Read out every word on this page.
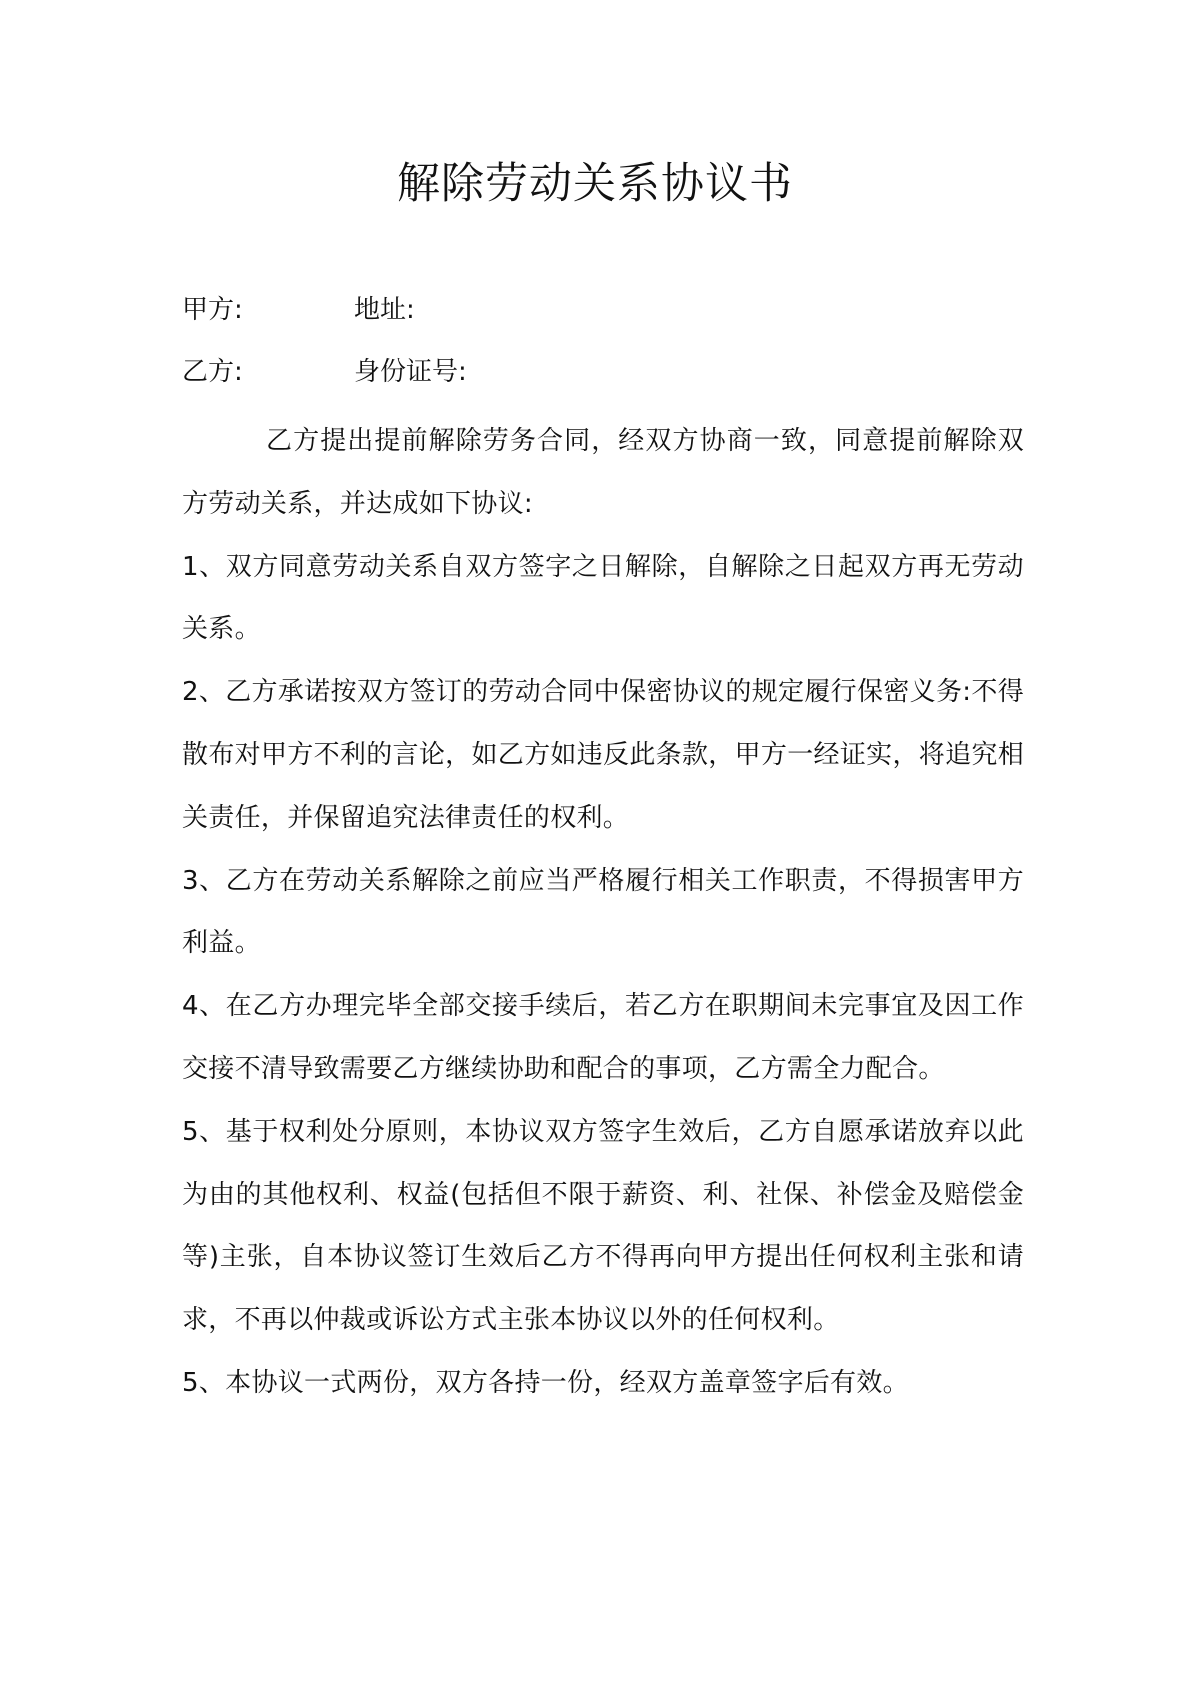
解除劳动关系协议书
甲方:	地址:
乙方:	身份证号:

乙方提出提前解除劳务合同，经双方协商一致，同意提前解除双方劳动关系，并达成如下协议:

1、双方同意劳动关系自双方签字之日解除，自解除之日起双方再无劳动关系。

2、乙方承诺按双方签订的劳动合同中保密协议的规定履行保密义务:不得散布对甲方不利的言论，如乙方如违反此条款，甲方一经证实，将追究相关责任，并保留追究法律责任的权利。

3、乙方在劳动关系解除之前应当严格履行相关工作职责，不得损害甲方利益。

4、在乙方办理完毕全部交接手续后，若乙方在职期间未完事宜及因工作交接不清导致需要乙方继续协助和配合的事项，乙方需全力配合。

5、基于权利处分原则，本协议双方签字生效后，乙方自愿承诺放弃以此为由的其他权利、权益(包括但不限于薪资、利、社保、补偿金及赔偿金等)主张，自本协议签订生效后乙方不得再向甲方提出任何权利主张和请求，不再以仲裁或诉讼方式主张本协议以外的任何权利。

5、本协议一式两份，双方各持一份，经双方盖章签字后有效。
